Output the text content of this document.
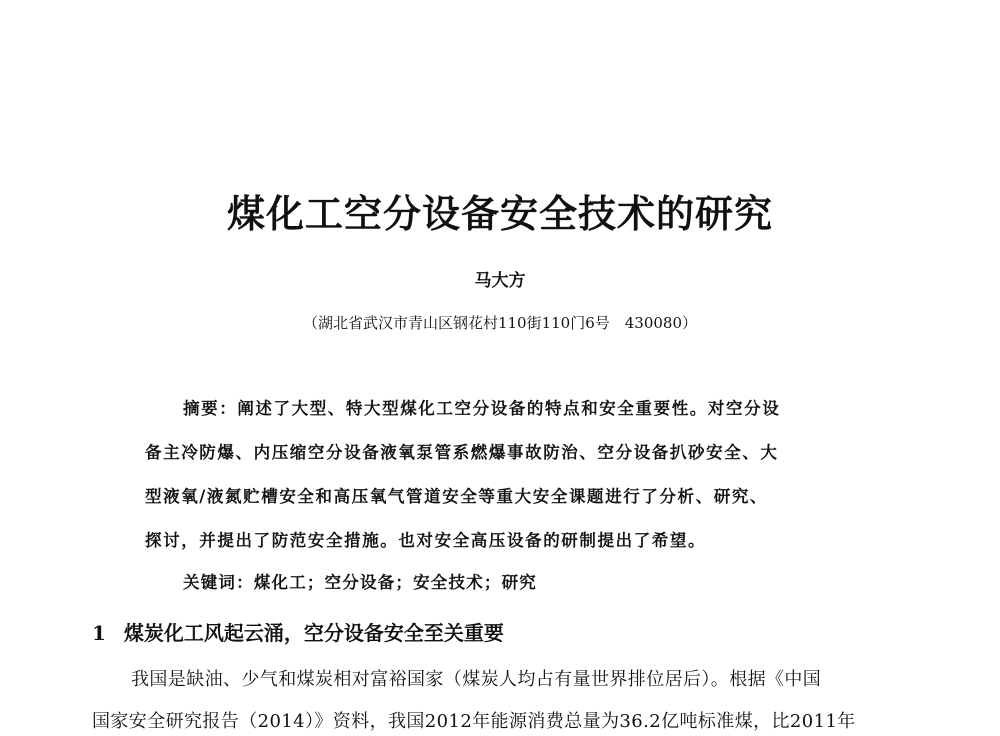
煤化工空分设备安全技术的研究
马大方
（湖北省武汉市青山区钢花村110街110门6号　430080）
摘要：阐述了大型、特大型煤化工空分设备的特点和安全重要性。对空分设
备主冷防爆、内压缩空分设备液氧泵管系燃爆事故防治、空分设备扒砂安全、大
型液氧/液氮贮槽安全和高压氧气管道安全等重大安全课题进行了分析、研究、
探讨，并提出了防范安全措施。也对安全高压设备的研制提出了希望。
关键词：煤化工；空分设备；安全技术；研究
1 煤炭化工风起云涌，空分设备安全至关重要
我国是缺油、少气和煤炭相对富裕国家（煤炭人均占有量世界排位居后）。根据《中国
国家安全研究报告（2014）》资料，我国2012年能源消费总量为36.2亿吨标准煤，比2011年
